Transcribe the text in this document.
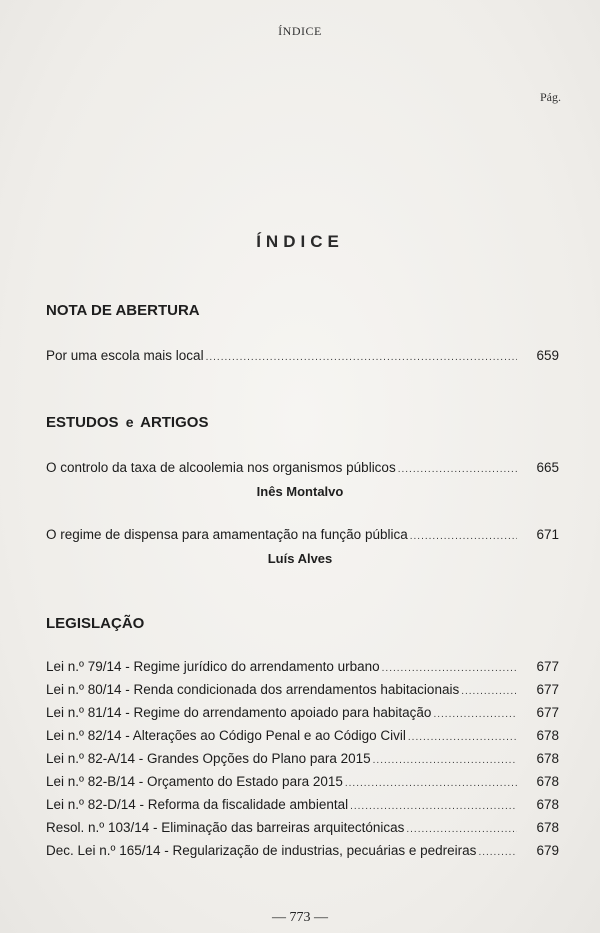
ÍNDICE
Pág.
ÍNDICE
NOTA DE ABERTURA
Por uma escola mais local .....	659
ESTUDOS e ARTIGOS
O controlo da taxa de alcoolemia nos organismos públicos .....	665
Inês Montalvo
O regime de dispensa para amamentação na função pública .....	671
Luís Alves
LEGISLAÇÃO
Lei n.º 79/14 - Regime jurídico do arrendamento urbano .....	677
Lei n.º 80/14 - Renda condicionada dos arrendamentos habitacionais .....	677
Lei n.º 81/14 - Regime do arrendamento apoiado para habitação .....	677
Lei n.º 82/14 - Alterações ao Código Penal e ao Código Civil .....	678
Lei n.º 82-A/14 - Grandes Opções do Plano para 2015 .....	678
Lei n.º 82-B/14 - Orçamento do Estado para 2015 .....	678
Lei n.º 82-D/14 - Reforma da fiscalidade ambiental .....	678
Resol. n.º 103/14 - Eliminação das barreiras arquitectónicas .....	678
Dec. Lei n.º 165/14 - Regularização de industrias, pecuárias e pedreiras .....	679
— 773 —
